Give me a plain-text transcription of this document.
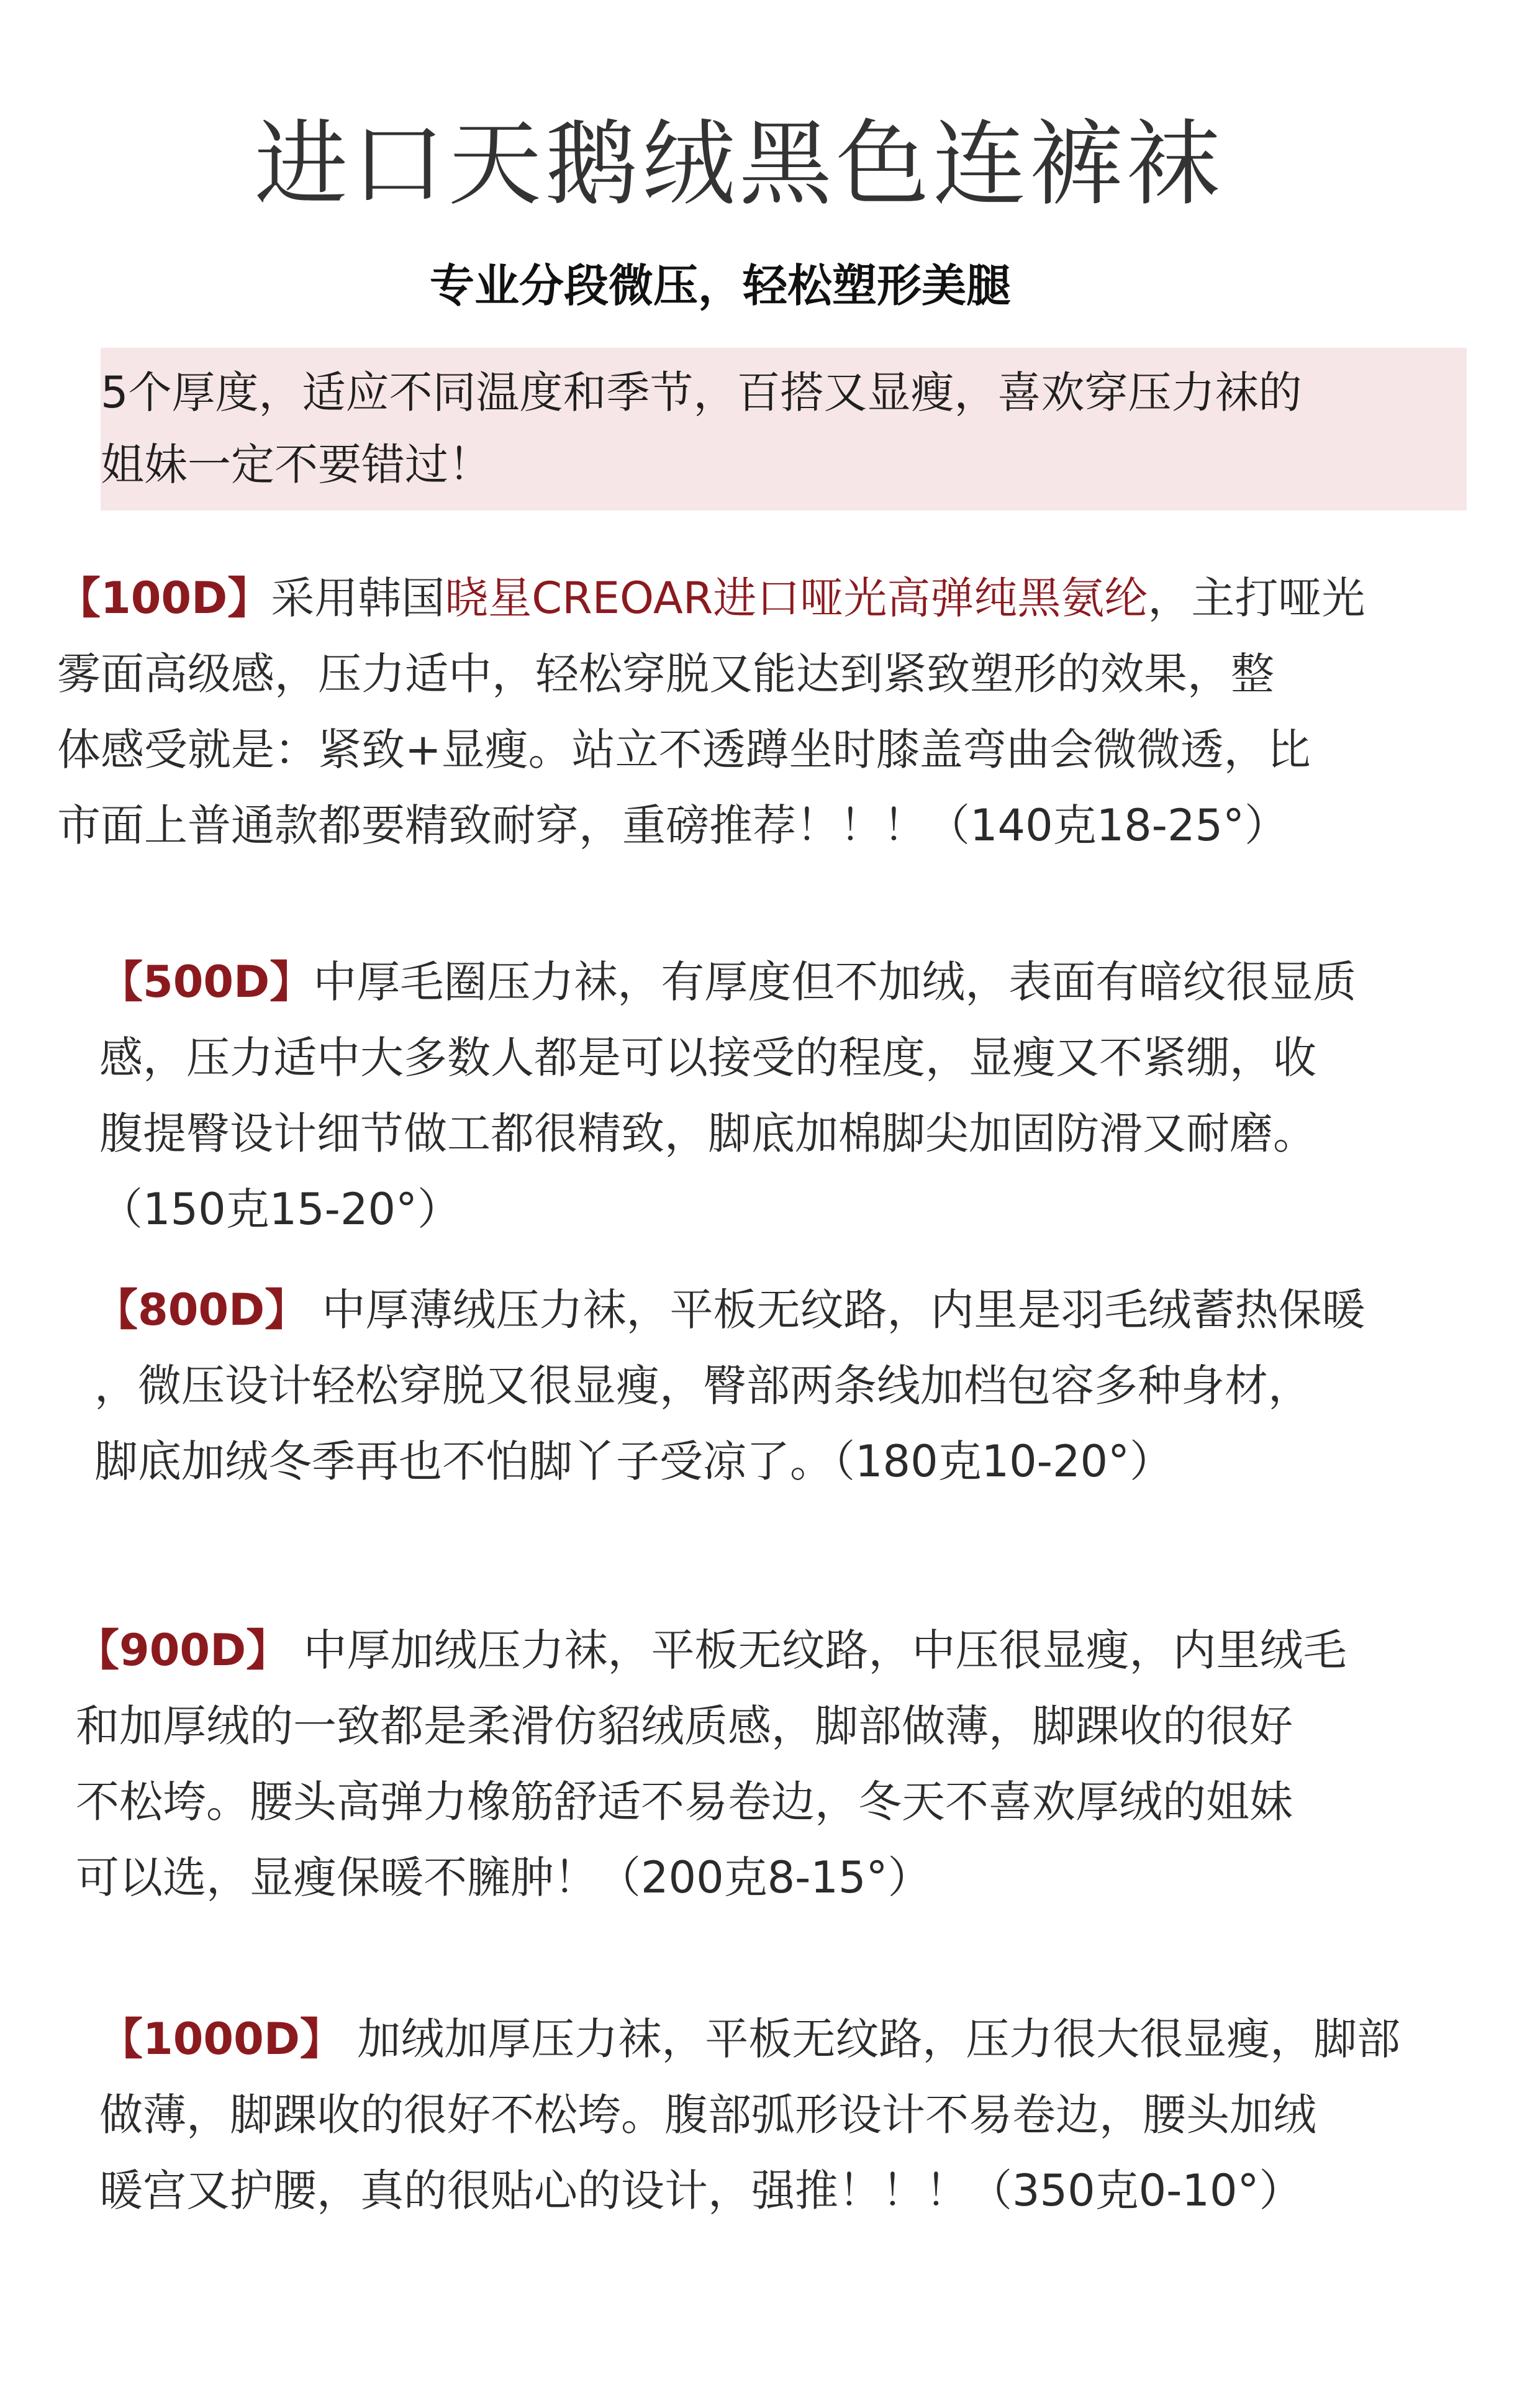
进口天鹅绒黑色连裤袜
专业分段微压，轻松塑形美腿
5个厚度，适应不同温度和季节，百搭又显瘦，喜欢穿压力袜的
姐妹一定不要错过！
【100D】采用韩国晓星CREOAR进口哑光高弹纯黑氨纶，主打哑光
雾面高级感，压力适中，轻松穿脱又能达到紧致塑形的效果，整
体感受就是：紧致+显瘦。站立不透蹲坐时膝盖弯曲会微微透，比
市面上普通款都要精致耐穿，重磅推荐！！！（140克18-25°）
【500D】中厚毛圈压力袜，有厚度但不加绒，表面有暗纹很显质
感，压力适中大多数人都是可以接受的程度，显瘦又不紧绷，收
腹提臀设计细节做工都很精致，脚底加棉脚尖加固防滑又耐磨。
（150克15-20°）
【800D】 中厚薄绒压力袜，平板无纹路，内里是羽毛绒蓄热保暖
，微压设计轻松穿脱又很显瘦，臀部两条线加档包容多种身材，
脚底加绒冬季再也不怕脚丫子受凉了。（180克10-20°）
【900D】 中厚加绒压力袜，平板无纹路，中压很显瘦，内里绒毛
和加厚绒的一致都是柔滑仿貂绒质感，脚部做薄，脚踝收的很好
不松垮。腰头高弹力橡筋舒适不易卷边，冬天不喜欢厚绒的姐妹
可以选，显瘦保暖不臃肿！（200克8-15°）
【1000D】 加绒加厚压力袜，平板无纹路，压力很大很显瘦，脚部
做薄，脚踝收的很好不松垮。腹部弧形设计不易卷边，腰头加绒
暖宫又护腰，真的很贴心的设计，强推！！！（350克0-10°）
